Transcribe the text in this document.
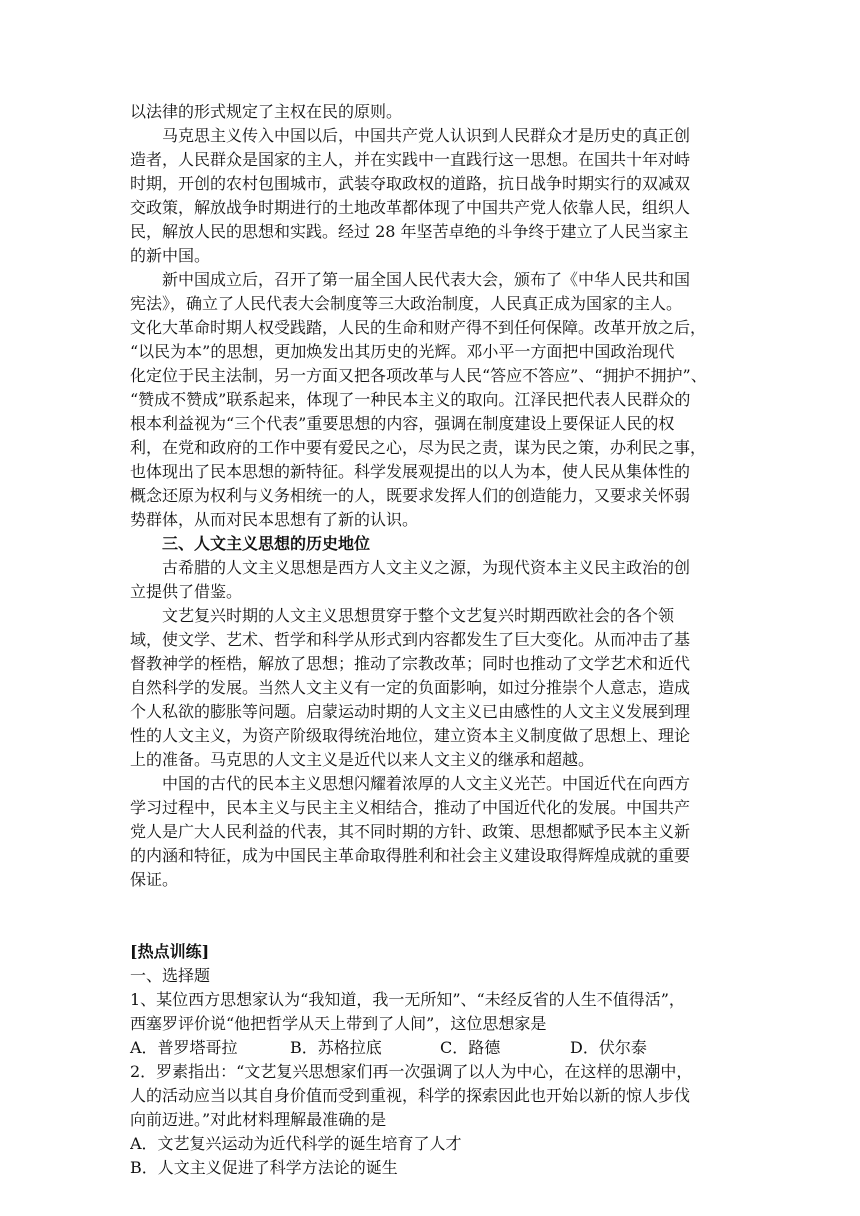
以法律的形式规定了主权在民的原则。
马克思主义传入中国以后，中国共产党人认识到人民群众才是历史的真正创
造者，人民群众是国家的主人，并在实践中一直践行这一思想。在国共十年对峙
时期，开创的农村包围城市，武装夺取政权的道路，抗日战争时期实行的双减双
交政策，解放战争时期进行的土地改革都体现了中国共产党人依靠人民，组织人
民，解放人民的思想和实践。经过 28 年坚苦卓绝的斗争终于建立了人民当家主
的新中国。
新中国成立后，召开了第一届全国人民代表大会，颁布了《中华人民共和国
宪法》，确立了人民代表大会制度等三大政治制度，人民真正成为国家的主人。
文化大革命时期人权受践踏，人民的生命和财产得不到任何保障。改革开放之后，
“以民为本”的思想，更加焕发出其历史的光辉。邓小平一方面把中国政治现代
化定位于民主法制，另一方面又把各项改革与人民“答应不答应”、“拥护不拥护”、
“赞成不赞成”联系起来，体现了一种民本主义的取向。江泽民把代表人民群众的
根本利益视为“三个代表”重要思想的内容，强调在制度建设上要保证人民的权
利，在党和政府的工作中要有爱民之心，尽为民之责，谋为民之策，办利民之事，
也体现出了民本思想的新特征。科学发展观提出的以人为本，使人民从集体性的
概念还原为权利与义务相统一的人，既要求发挥人们的创造能力，又要求关怀弱
势群体，从而对民本思想有了新的认识。
三、人文主义思想的历史地位
古希腊的人文主义思想是西方人文主义之源，为现代资本主义民主政治的创
立提供了借鉴。
文艺复兴时期的人文主义思想贯穿于整个文艺复兴时期西欧社会的各个领
域，使文学、艺术、哲学和科学从形式到内容都发生了巨大变化。从而冲击了基
督教神学的桎梏，解放了思想；推动了宗教改革；同时也推动了文学艺术和近代
自然科学的发展。当然人文主义有一定的负面影响，如过分推崇个人意志，造成
个人私欲的膨胀等问题。启蒙运动时期的人文主义已由感性的人文主义发展到理
性的人文主义，为资产阶级取得统治地位，建立资本主义制度做了思想上、理论
上的准备。马克思的人文主义是近代以来人文主义的继承和超越。
中国的古代的民本主义思想闪耀着浓厚的人文主义光芒。中国近代在向西方
学习过程中，民本主义与民主主义相结合，推动了中国近代化的发展。中国共产
党人是广大人民利益的代表，其不同时期的方针、政策、思想都赋予民本主义新
的内涵和特征，成为中国民主革命取得胜利和社会主义建设取得辉煌成就的重要
保证。
[热点训练]
一、选择题
1、某位西方思想家认为“我知道，我一无所知”、“未经反省的人生不值得活”，
西塞罗评价说“他把哲学从天上带到了人间”，这位思想家是
A．普罗塔哥拉	B．苏格拉底	C．路德	D．伏尔泰
2．罗素指出：“文艺复兴思想家们再一次强调了以人为中心，在这样的思潮中，
人的活动应当以其自身价值而受到重视，科学的探索因此也开始以新的惊人步伐
向前迈进。”对此材料理解最准确的是
A．文艺复兴运动为近代科学的诞生培育了人才
B．人文主义促进了科学方法论的诞生
